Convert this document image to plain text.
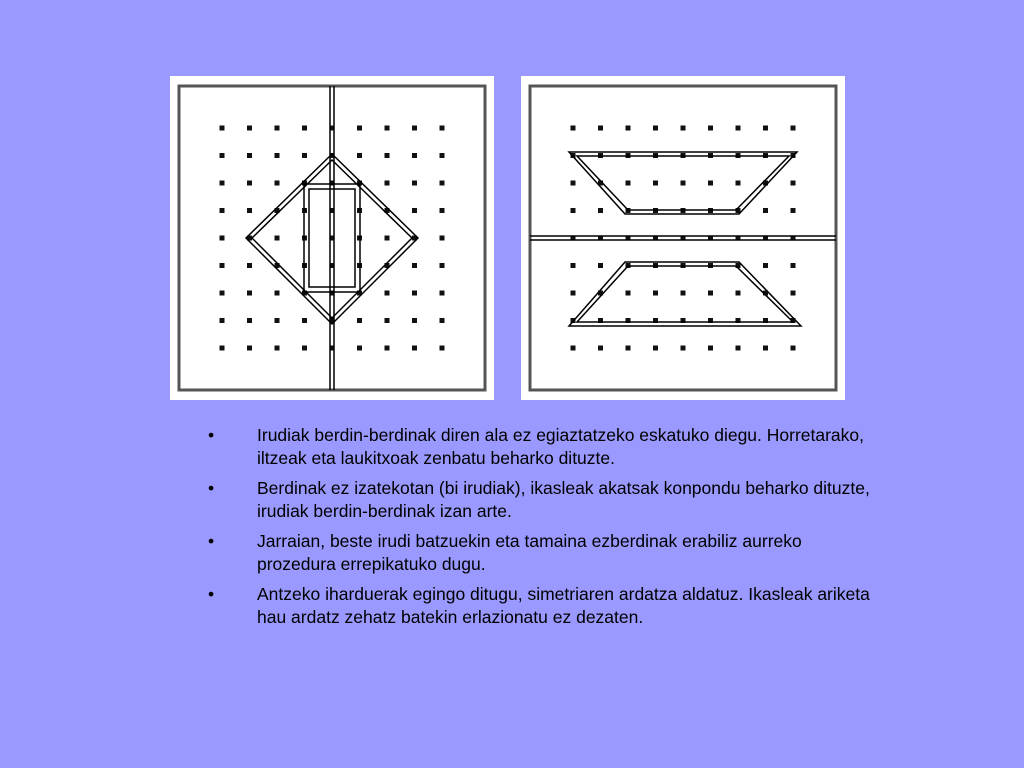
• Irudiak berdin-berdinak diren ala ez egiaztatzeko eskatuko diegu. Horretarako, iltzeak eta laukitxoak zenbatu beharko dituzte.
• Berdinak ez izatekotan (bi irudiak), ikasleak akatsak konpondu beharko dituzte, irudiak berdin-berdinak izan arte.
• Jarraian, beste irudi batzuekin eta tamaina ezberdinak erabiliz aurreko prozedura errepikatuko dugu.
• Antzeko iharduerak egingo ditugu, simetriaren ardatza aldatuz. Ikasleak ariketa hau ardatz zehatz batekin erlazionatu ez dezaten.
